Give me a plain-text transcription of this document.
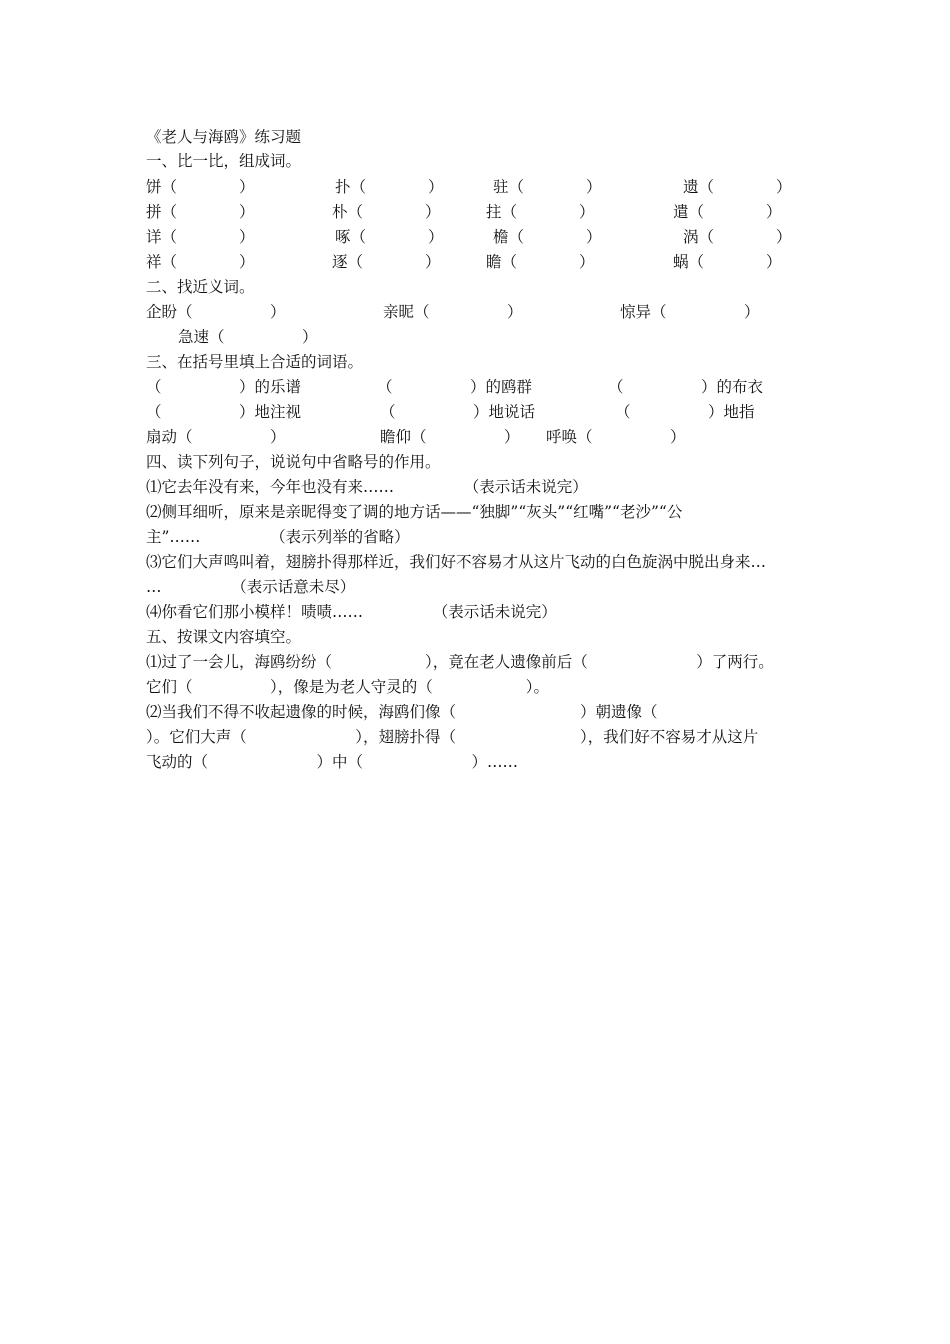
《老人与海鸥》练习题
一、比一比，组成词。
饼（　　　　）	扑（　　　　）	驻（　　　　）	遗（　　　　）
拼（　　　　）	朴（　　　　）	拄（　　　　）	遣（　　　　）
详（　　　　）	啄（　　　　）	檐（　　　　）	涡（　　　　）
祥（　　　　）	逐（　　　　）	瞻（　　　　）	蜗（　　　　）
二、找近义词。
企盼（　　　　　）	亲昵（　　　　　）	惊异（　　　　　）
急速（　　　　　）
三、在括号里填上合适的词语。
（　　　　　）的乐谱	（　　　　　）的鸥群	（　　　　　）的布衣
（　　　　　）地注视	（　　　　　）地说话	（　　　　　）地指
扇动（　　　　　）	瞻仰（　　　　　） 呼唤（　　　　　）
四、读下列句子，说说句中省略号的作用。
⑴它去年没有来，今年也没有来……　　　　　（表示话未说完）
⑵侧耳细听，原来是亲昵得变了调的地方话——“独脚”“灰头”“红嘴”“老沙”“公
主”……　　　　　（表示列举的省略）
⑶它们大声鸣叫着，翅膀扑得那样近，我们好不容易才从这片飞动的白色旋涡中脱出身来…
…　　　　　（表示话意未尽）
⑷你看它们那小模样！啧啧……　　　　　（表示话未说完）
五、按课文内容填空。
⑴过了一会儿，海鸥纷纷（　　　　　　），竟在老人遗像前后（　　　　　　　）了两行。
它们（　　　　　），像是为老人守灵的（　　　　　　）。
⑵当我们不得不收起遗像的时候，海鸥们像（　　　　　　　　）朝遗像（
）。它们大声（　　　　　　　），翅膀扑得（　　　　　　　　），我们好不容易才从这片
飞动的（　　　　　　　）中（　　　　　　　）……
